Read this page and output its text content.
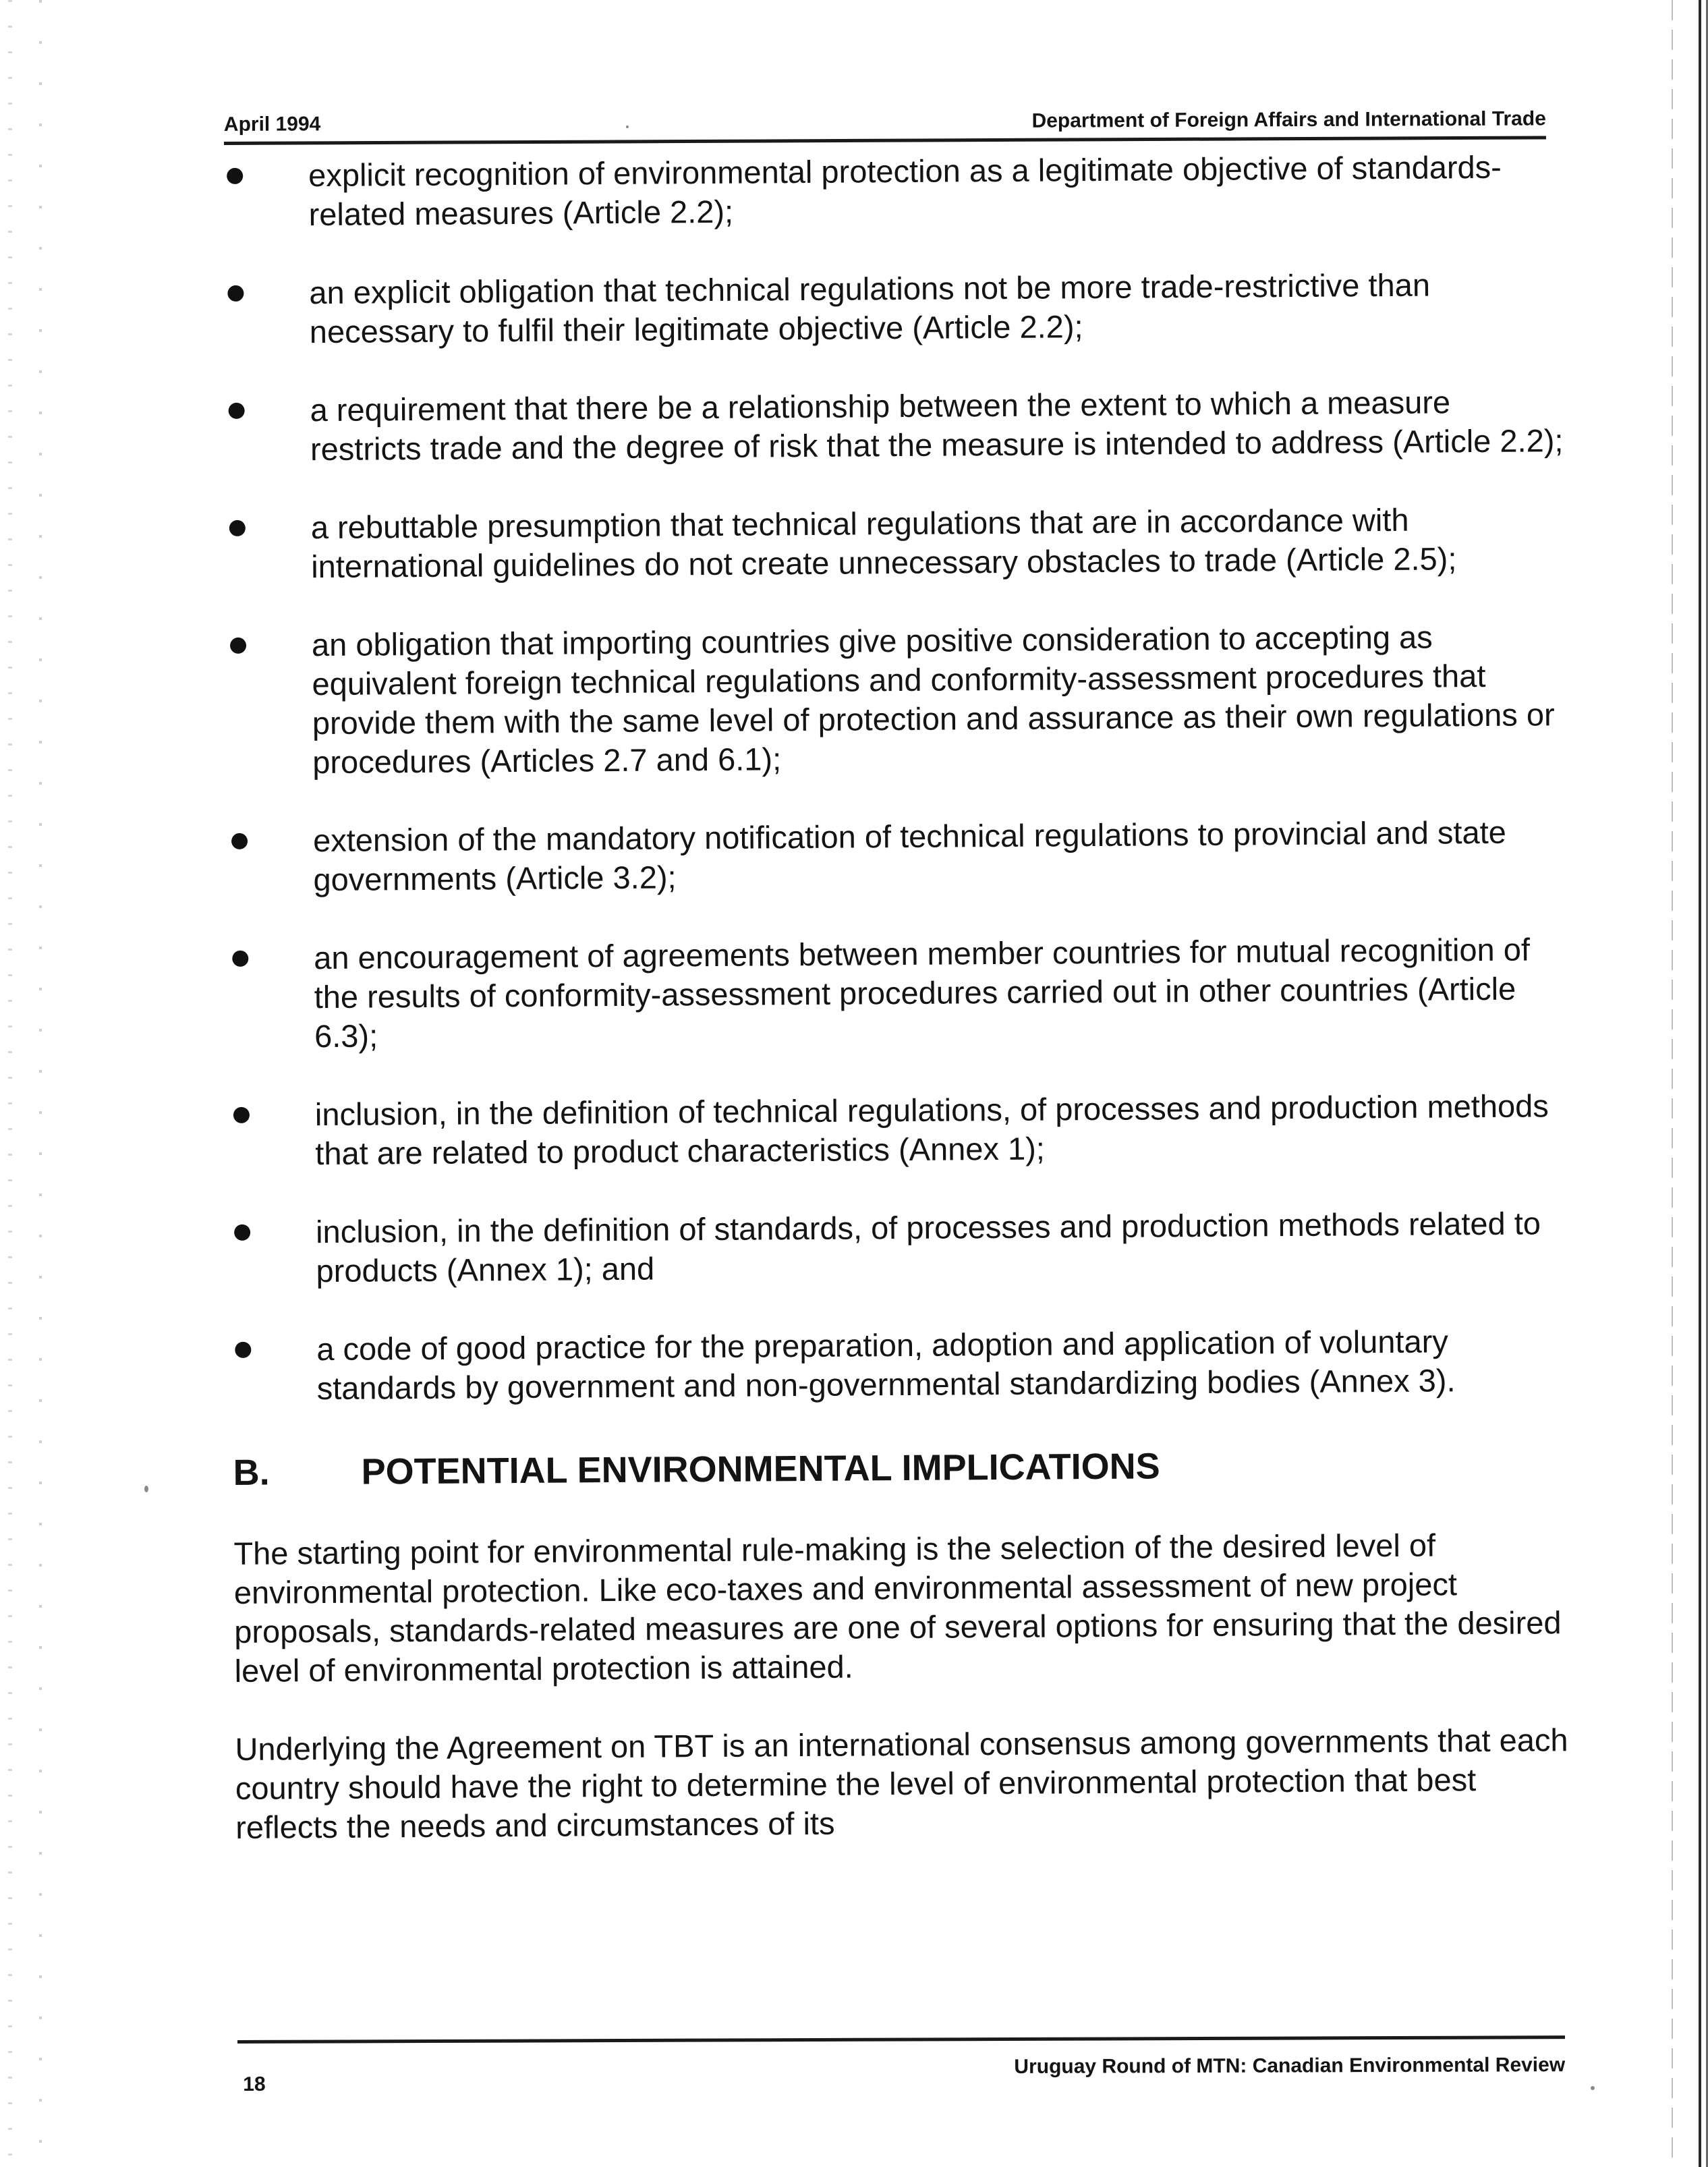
April 1994	Department of Foreign Affairs and International Trade
explicit recognition of environmental protection as a legitimate objective of standards-related measures (Article 2.2);
an explicit obligation that technical regulations not be more trade-restrictive than necessary to fulfil their legitimate objective (Article 2.2);
a requirement that there be a relationship between the extent to which a measure restricts trade and the degree of risk that the measure is intended to address (Article 2.2);
a rebuttable presumption that technical regulations that are in accordance with international guidelines do not create unnecessary obstacles to trade (Article 2.5);
an obligation that importing countries give positive consideration to accepting as equivalent foreign technical regulations and conformity-assessment procedures that provide them with the same level of protection and assurance as their own regulations or procedures (Articles 2.7 and 6.1);
extension of the mandatory notification of technical regulations to provincial and state governments (Article 3.2);
an encouragement of agreements between member countries for mutual recognition of the results of conformity-assessment procedures carried out in other countries (Article 6.3);
inclusion, in the definition of technical regulations, of processes and production methods that are related to product characteristics (Annex 1);
inclusion, in the definition of standards, of processes and production methods related to products (Annex 1); and
a code of good practice for the preparation, adoption and application of voluntary standards by government and non-governmental standardizing bodies (Annex 3).
B.	POTENTIAL ENVIRONMENTAL IMPLICATIONS

The starting point for environmental rule-making is the selection of the desired level of environmental protection. Like eco-taxes and environmental assessment of new project proposals, standards-related measures are one of several options for ensuring that the desired level of environmental protection is attained.

Underlying the Agreement on TBT is an international consensus among governments that each country should have the right to determine the level of environmental protection that best reflects the needs and circumstances of its

18
Uruguay Round of MTN: Canadian Environmental Review
